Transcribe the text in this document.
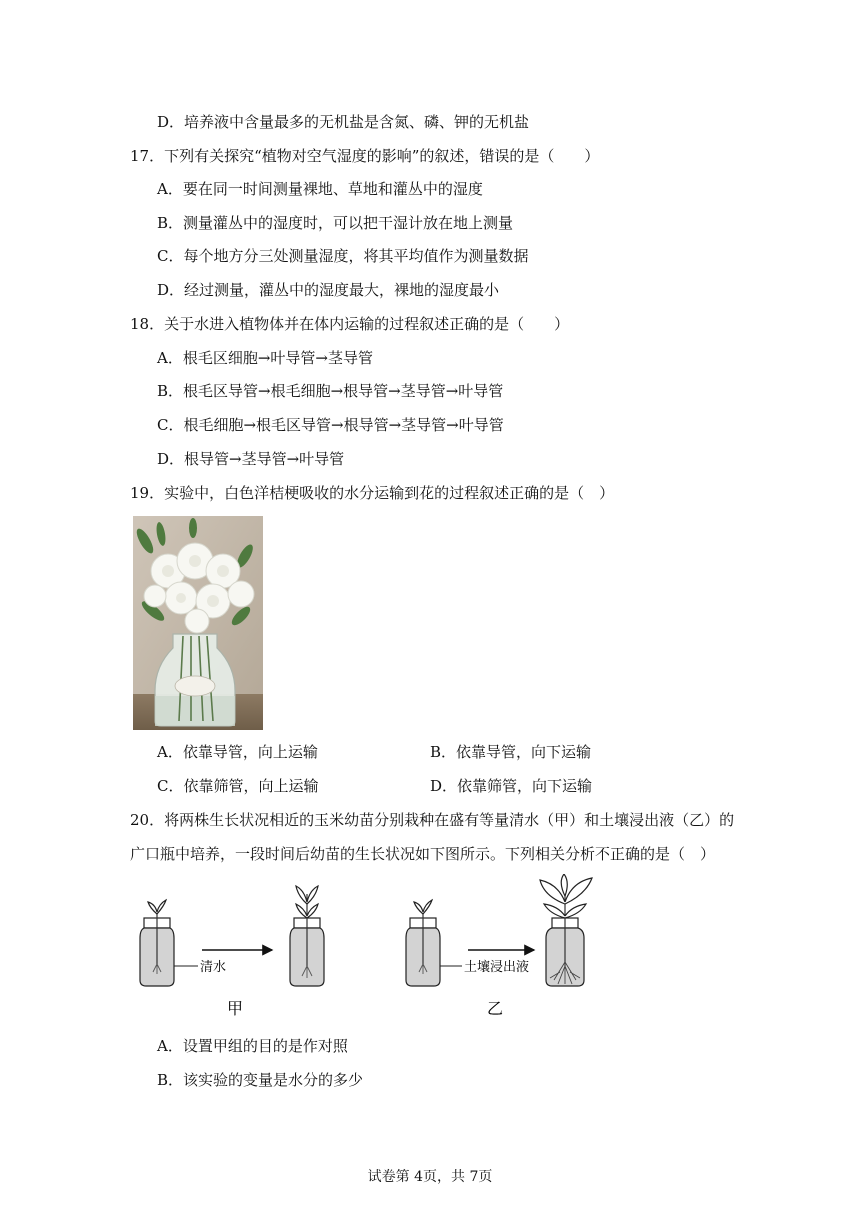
D．培养液中含量最多的无机盐是含氮、磷、钾的无机盐
17．下列有关探究“植物对空气湿度的影响”的叙述，错误的是（　　）
A．要在同一时间测量裸地、草地和灌丛中的湿度
B．测量灌丛中的湿度时，可以把干湿计放在地上测量
C．每个地方分三处测量湿度，将其平均值作为测量数据
D．经过测量，灌丛中的湿度最大，裸地的湿度最小
18．关于水进入植物体并在体内运输的过程叙述正确的是（　　）
A．根毛区细胞→叶导管→茎导管
B．根毛区导管→根毛细胞→根导管→茎导管→叶导管
C．根毛细胞→根毛区导管→根导管→茎导管→叶导管
D．根导管→茎导管→叶导管
19．实验中，白色洋桔梗吸收的水分运输到花的过程叙述正确的是（　）
A．依靠导管，向上运输	B．依靠导管，向下运输
C．依靠筛管，向上运输	D．依靠筛管，向下运输
20．将两株生长状况相近的玉米幼苗分别栽种在盛有等量清水（甲）和土壤浸出液（乙）的
广口瓶中培养，一段时间后幼苗的生长状况如下图所示。下列相关分析不正确的是（　）
清水
甲
土壤浸出液
乙
A．设置甲组的目的是作对照
B．该实验的变量是水分的多少
试卷第 4页，共 7页
